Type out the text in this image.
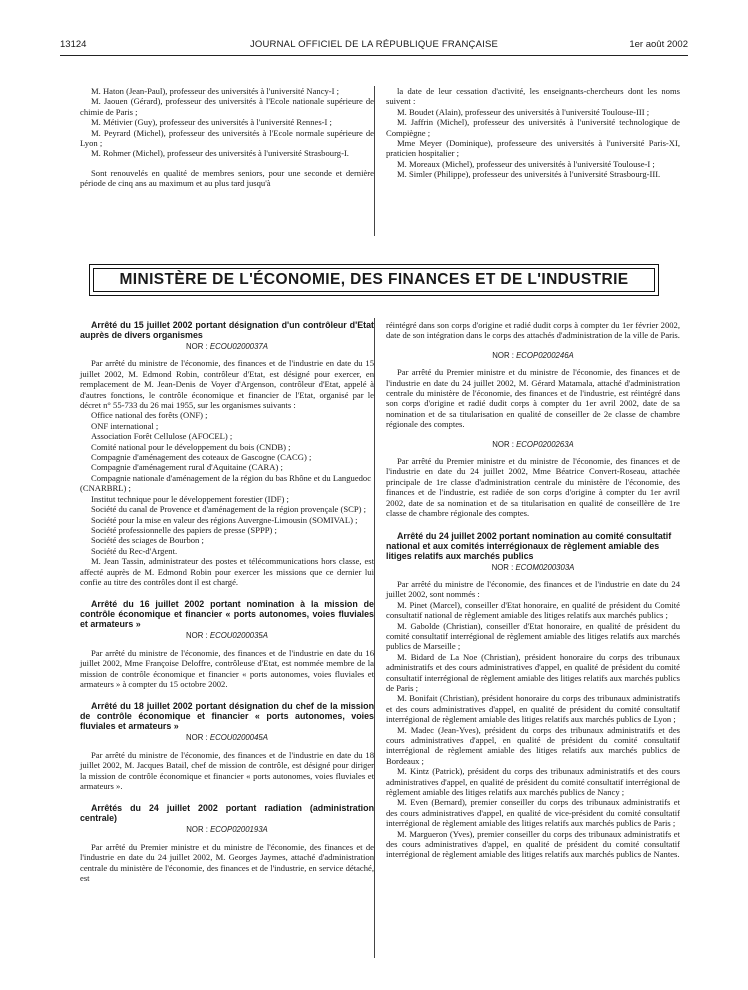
13124	JOURNAL OFFICIEL DE LA RÉPUBLIQUE FRANÇAISE	1er août 2002

M. Haton (Jean-Paul), professeur des universités à l'université Nancy-I ;

M. Jaouen (Gérard), professeur des universités à l'Ecole nationale supérieure de chimie de Paris ;

M. Métivier (Guy), professeur des universités à l'université Rennes-I ;

M. Peyrard (Michel), professeur des universités à l'Ecole normale supérieure de Lyon ;

M. Rohmer (Michel), professeur des universités à l'université Strasbourg-I.

Sont renouvelés en qualité de membres seniors, pour une seconde et dernière période de cinq ans au maximum et au plus tard jusqu'à

la date de leur cessation d'activité, les enseignants-chercheurs dont les noms suivent :

M. Boudet (Alain), professeur des universités à l'université Toulouse-III ;

M. Jaffrin (Michel), professeur des universités à l'université technologique de Compiègne ;

Mme Meyer (Dominique), professeure des universités à l'université Paris-XI, praticien hospitalier ;

M. Moreaux (Michel), professeur des universités à l'université Toulouse-I ;

M. Simler (Philippe), professeur des universités à l'université Strasbourg-III.

MINISTÈRE DE L'ÉCONOMIE, DES FINANCES ET DE L'INDUSTRIE

Arrêté du 15 juillet 2002 portant désignation d'un contrôleur d'Etat auprès de divers organismes

NOR : ECOU0200037A

Par arrêté du ministre de l'économie, des finances et de l'industrie en date du 15 juillet 2002, M. Edmond Robin, contrôleur d'Etat, est désigné pour exercer, en remplacement de M. Jean-Denis de Voyer d'Argenson, contrôleur d'Etat, appelé à d'autres fonctions, le contrôle économique et financier de l'Etat, organisé par le décret n° 55-733 du 26 mai 1955, sur les organismes suivants :

Office national des forêts (ONF) ;
ONF international ;
Association Forêt Cellulose (AFOCEL) ;
Comité national pour le développement du bois (CNDB) ;
Compagnie d'aménagement des coteaux de Gascogne (CACG) ;
Compagnie d'aménagement rural d'Aquitaine (CARA) ;
Compagnie nationale d'aménagement de la région du bas Rhône et du Languedoc (CNARBRL) ;
Institut technique pour le développement forestier (IDF) ;
Société du canal de Provence et d'aménagement de la région provençale (SCP) ;
Société pour la mise en valeur des régions Auvergne-Limousin (SOMIVAL) ;
Société professionnelle des papiers de presse (SPPP) ;
Société des sciages de Bourbon ;
Société du Rec-d'Argent.

M. Jean Tassin, administrateur des postes et télécommunications hors classe, est affecté auprès de M. Edmond Robin pour exercer les missions que ce dernier lui confie au titre des contrôles dont il est chargé.

Arrêté du 16 juillet 2002 portant nomination à la mission de contrôle économique et financier « ports autonomes, voies fluviales et armateurs »

NOR : ECOU0200035A

Par arrêté du ministre de l'économie, des finances et de l'industrie en date du 16 juillet 2002, Mme Françoise Deloffre, contrôleuse d'Etat, est nommée membre de la mission de contrôle économique et financier « ports autonomes, voies fluviales et armateurs » à compter du 15 octobre 2002.

Arrêté du 18 juillet 2002 portant désignation du chef de la mission de contrôle économique et financier « ports autonomes, voies fluviales et armateurs »

NOR : ECOU0200045A

Par arrêté du ministre de l'économie, des finances et de l'industrie en date du 18 juillet 2002, M. Jacques Batail, chef de mission de contrôle, est désigné pour diriger la mission de contrôle économique et financier « ports autonomes, voies fluviales et armateurs ».

Arrêtés du 24 juillet 2002 portant radiation (administration centrale)

NOR : ECOP0200193A

Par arrêté du Premier ministre et du ministre de l'économie, des finances et de l'industrie en date du 24 juillet 2002, M. Georges Jaymes, attaché d'administration centrale du ministère de l'économie, des finances et de l'industrie, en service détaché, est

réintégré dans son corps d'origine et radié dudit corps à compter du 1er février 2002, date de son intégration dans le corps des attachés d'administration de la ville de Paris.

NOR : ECOP0200246A

Par arrêté du Premier ministre et du ministre de l'économie, des finances et de l'industrie en date du 24 juillet 2002, M. Gérard Matamala, attaché d'administration centrale du ministère de l'économie, des finances et de l'industrie, est réintégré dans son corps d'origine et radié dudit corps à compter du 1er avril 2002, date de sa nomination et de sa titularisation en qualité de conseiller de 2e classe de chambre régionale des comptes.

NOR : ECOP0200263A

Par arrêté du Premier ministre et du ministre de l'économie, des finances et de l'industrie en date du 24 juillet 2002, Mme Béatrice Convert-Roseau, attachée principale de 1re classe d'administration centrale du ministère de l'économie, des finances et de l'industrie, est radiée de son corps d'origine à compter du 1er avril 2002, date de sa nomination et de sa titularisation en qualité de conseillère de 1re classe de chambre régionale des comptes.

Arrêté du 24 juillet 2002 portant nomination au comité consultatif national et aux comités interrégionaux de règlement amiable des litiges relatifs aux marchés publics

NOR : ECOM0200303A

Par arrêté du ministre de l'économie, des finances et de l'industrie en date du 24 juillet 2002, sont nommés :

M. Pinet (Marcel), conseiller d'Etat honoraire, en qualité de président du Comité consultatif national de règlement amiable des litiges relatifs aux marchés publics ;

M. Gabolde (Christian), conseiller d'Etat honoraire, en qualité de président du comité consultatif interrégional de règlement amiable des litiges relatifs aux marchés publics de Marseille ;

M. Bidard de La Noe (Christian), président honoraire du corps des tribunaux administratifs et des cours administratives d'appel, en qualité de président du comité consultatif interrégional de règlement amiable des litiges relatifs aux marchés publics de Paris ;

M. Bonifait (Christian), président honoraire du corps des tribunaux administratifs et des cours administratives d'appel, en qualité de président du comité consultatif interrégional de règlement amiable des litiges relatifs aux marchés publics de Lyon ;

M. Madec (Jean-Yves), président du corps des tribunaux administratifs et des cours administratives d'appel, en qualité de président du comité consultatif interrégional de règlement amiable des litiges relatifs aux marchés publics de Bordeaux ;

M. Kintz (Patrick), président du corps des tribunaux administratifs et des cours administratives d'appel, en qualité de président du comité consultatif interrégional de règlement amiable des litiges relatifs aux marchés publics de Nancy ;

M. Even (Bernard), premier conseiller du corps des tribunaux administratifs et des cours administratives d'appel, en qualité de vice-président du comité consultatif interrégional de règlement amiable des litiges relatifs aux marchés publics de Paris ;

M. Margueron (Yves), premier conseiller du corps des tribunaux administratifs et des cours administratives d'appel, en qualité de président du comité consultatif interrégional de règlement amiable des litiges relatifs aux marchés publics de Nantes.
